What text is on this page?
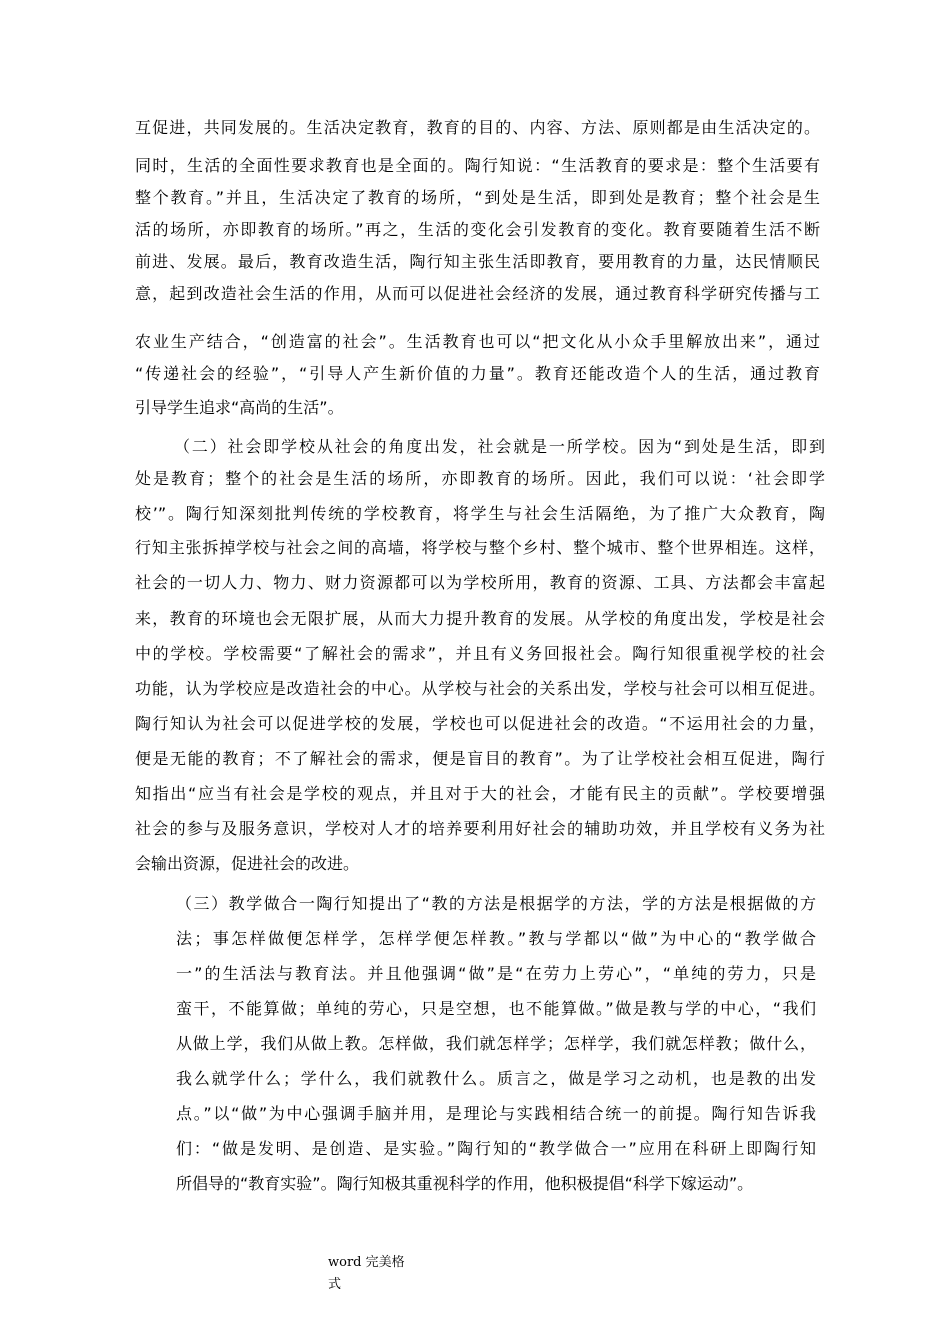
互促进，共同发展的。生活决定教育，教育的目的、内容、方法、原则都是由生活决定的。
同时，生活的全面性要求教育也是全面的。陶行知说：“生活教育的要求是：整个生活要有
整个教育。”并且，生活决定了教育的场所，“到处是生活，即到处是教育；整个社会是生
活的场所，亦即教育的场所。”再之，生活的变化会引发教育的变化。教育要随着生活不断
前进、发展。最后，教育改造生活，陶行知主张生活即教育，要用教育的力量，达民情顺民
意，起到改造社会生活的作用，从而可以促进社会经济的发展，通过教育科学研究传播与工
农业生产结合，“创造富的社会”。生活教育也可以“把文化从小众手里解放出来”，通过
“传递社会的经验”，“引导人产生新价值的力量”。教育还能改造个人的生活，通过教育
引导学生追求“高尚的生活”。
（二）社会即学校从社会的角度出发，社会就是一所学校。因为“到处是生活，即到
处是教育；整个的社会是生活的场所，亦即教育的场所。因此，我们可以说：‘社会即学
校’”。陶行知深刻批判传统的学校教育，将学生与社会生活隔绝，为了推广大众教育，陶
行知主张拆掉学校与社会之间的高墙，将学校与整个乡村、整个城市、整个世界相连。这样，
社会的一切人力、物力、财力资源都可以为学校所用，教育的资源、工具、方法都会丰富起
来，教育的环境也会无限扩展，从而大力提升教育的发展。从学校的角度出发，学校是社会
中的学校。学校需要“了解社会的需求”，并且有义务回报社会。陶行知很重视学校的社会
功能，认为学校应是改造社会的中心。从学校与社会的关系出发，学校与社会可以相互促进。
陶行知认为社会可以促进学校的发展，学校也可以促进社会的改造。“不运用社会的力量，
便是无能的教育；不了解社会的需求，便是盲目的教育”。为了让学校社会相互促进，陶行
知指出“应当有社会是学校的观点，并且对于大的社会，才能有民主的贡献”。学校要增强
社会的参与及服务意识，学校对人才的培养要利用好社会的辅助功效，并且学校有义务为社
会输出资源，促进社会的改进。
（三）教学做合一陶行知提出了“教的方法是根据学的方法，学的方法是根据做的方
法；事怎样做便怎样学，怎样学便怎样教。”教与学都以“做”为中心的“教学做合
一”的生活法与教育法。并且他强调“做”是“在劳力上劳心”，“单纯的劳力，只是
蛮干，不能算做；单纯的劳心，只是空想，也不能算做。”做是教与学的中心，“我们
从做上学，我们从做上教。怎样做，我们就怎样学；怎样学，我们就怎样教；做什么，
我么就学什么；学什么，我们就教什么。质言之，做是学习之动机，也是教的出发
点。”以“做”为中心强调手脑并用，是理论与实践相结合统一的前提。陶行知告诉我
们：“做是发明、是创造、是实验。”陶行知的“教学做合一”应用在科研上即陶行知
所倡导的“教育实验”。陶行知极其重视科学的作用，他积极提倡“科学下嫁运动”。
word 完美格
式
